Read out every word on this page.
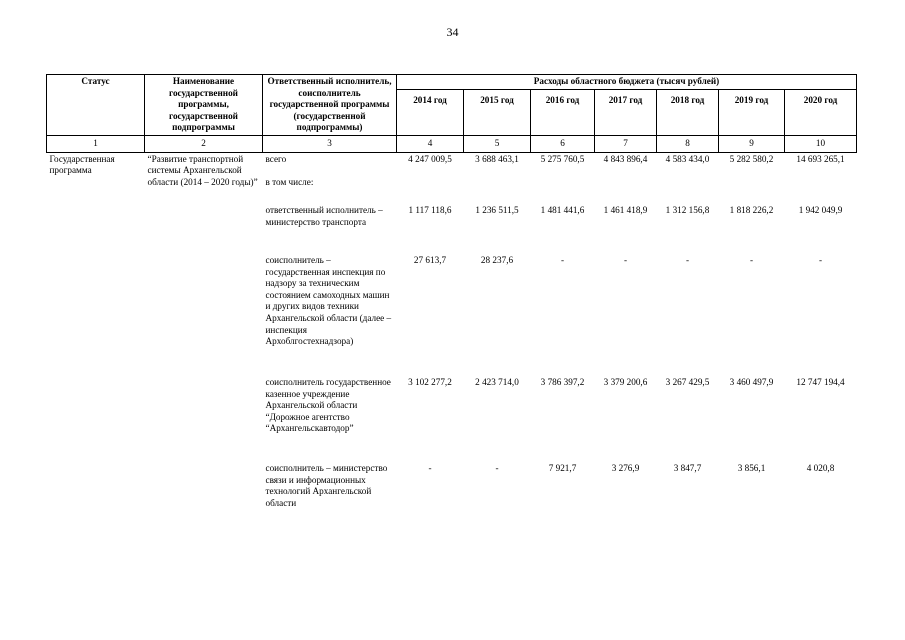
34
Статус	Наименование государственной программы, государственной подпрограммы	Ответственный исполнитель, соисполнитель государственной программы (государственной подпрограммы)	Расходы областного бюджета (тысяч рублей)						
			2014 год	2015 год	2016 год	2017 год	2018 год	2019 год	2020 год
1	2	3	4	5	6	7	8	9	10
Государственная программа	“Развитие транспортной системы Архангельской области (2014 – 2020 годы)”	всего	4 247 009,5	3 688 463,1	5 275 760,5	4 843 896,4	4 583 434,0	5 282 580,2	14 693 265,1
		в том числе:							
		ответственный исполнитель – министерство транспорта	1 117 118,6	1 236 511,5	1 481 441,6	1 461 418,9	1 312 156,8	1 818 226,2	1 942 049,9
		соисполнитель – государственная инспекция по надзору за техническим состоянием самоходных машин и других видов техники Архангельской области (далее – инспекция Архоблгостехнадзора)	27 613,7	28 237,6	-	-	-	-	-
		соисполнитель государственное казенное учреждение Архангельской области “Дорожное агентство “Архангельскавтодор”	3 102 277,2	2 423 714,0	3 786 397,2	3 379 200,6	3 267 429,5	3 460 497,9	12 747 194,4
		соисполнитель – министерство связи и информационных технологий Архангельской области	-	-	7 921,7	3 276,9	3 847,7	3 856,1	4 020,8
